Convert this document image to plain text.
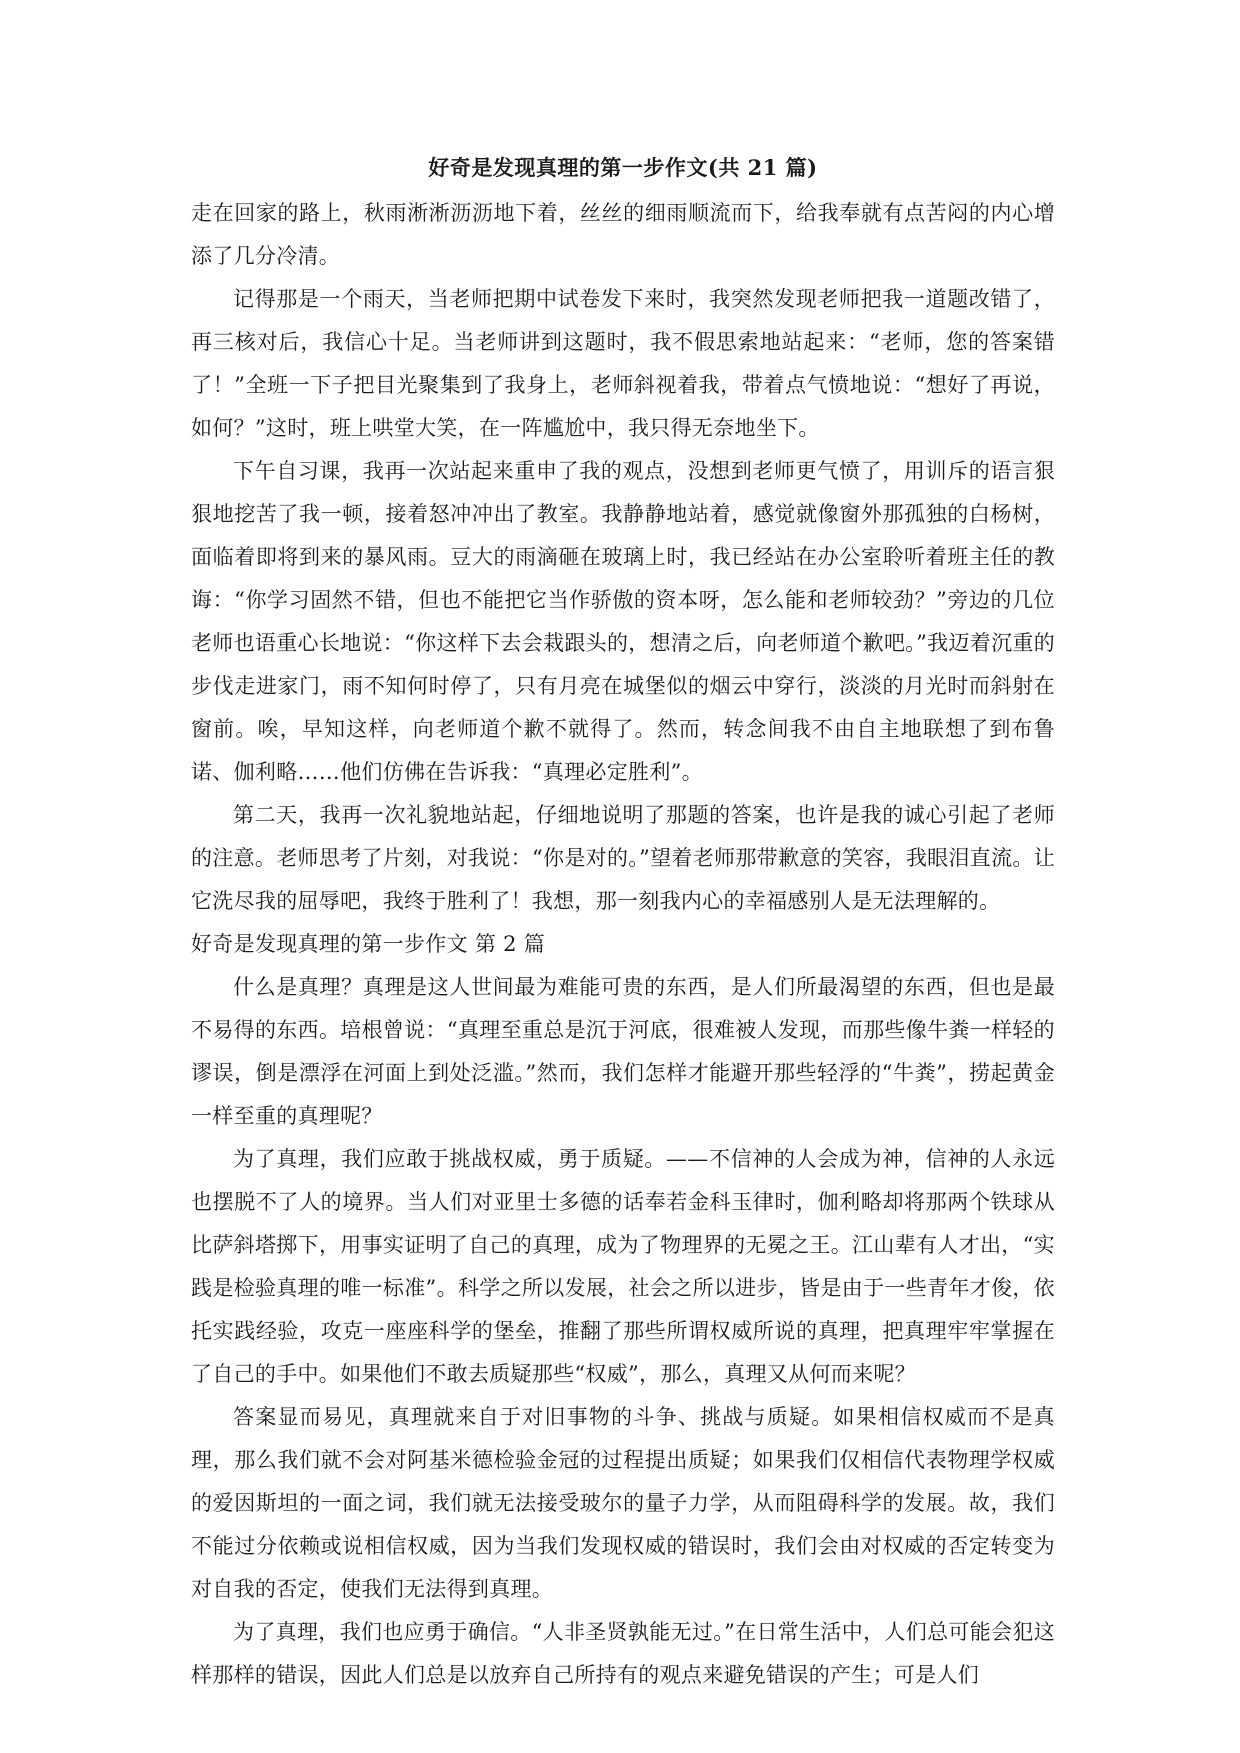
好奇是发现真理的第一步作文(共 21 篇)

走在回家的路上，秋雨淅淅沥沥地下着，丝丝的细雨顺流而下，给我奉就有点苦闷的内心增添了几分冷清。

记得那是一个雨天，当老师把期中试卷发下来时，我突然发现老师把我一道题改错了，再三核对后，我信心十足。当老师讲到这题时，我不假思索地站起来：“老师，您的答案错了！”全班一下子把目光聚集到了我身上，老师斜视着我，带着点气愤地说：“想好了再说，如何？”这时，班上哄堂大笑，在一阵尴尬中，我只得无奈地坐下。

下午自习课，我再一次站起来重申了我的观点，没想到老师更气愤了，用训斥的语言狠狠地挖苦了我一顿，接着怒冲冲出了教室。我静静地站着，感觉就像窗外那孤独的白杨树，面临着即将到来的暴风雨。豆大的雨滴砸在玻璃上时，我已经站在办公室聆听着班主任的教诲：“你学习固然不错，但也不能把它当作骄傲的资本呀，怎么能和老师较劲？”旁边的几位老师也语重心长地说：“你这样下去会栽跟头的，想清之后，向老师道个歉吧。”我迈着沉重的步伐走进家门，雨不知何时停了，只有月亮在城堡似的烟云中穿行，淡淡的月光时而斜射在窗前。唉，早知这样，向老师道个歉不就得了。然而，转念间我不由自主地联想了到布鲁诺、伽利略……他们仿佛在告诉我：“真理必定胜利”。

第二天，我再一次礼貌地站起，仔细地说明了那题的答案，也许是我的诚心引起了老师的注意。老师思考了片刻，对我说：“你是对的。”望着老师那带歉意的笑容，我眼泪直流。让它洗尽我的屈辱吧，我终于胜利了！我想，那一刻我内心的幸福感别人是无法理解的。

好奇是发现真理的第一步作文 第 2 篇

什么是真理？真理是这人世间最为难能可贵的东西，是人们所最渴望的东西，但也是最不易得的东西。培根曾说：“真理至重总是沉于河底，很难被人发现，而那些像牛粪一样轻的谬误，倒是漂浮在河面上到处泛滥。”然而，我们怎样才能避开那些轻浮的“牛粪”，捞起黄金一样至重的真理呢？

为了真理，我们应敢于挑战权威，勇于质疑。——不信神的人会成为神，信神的人永远也摆脱不了人的境界。当人们对亚里士多德的话奉若金科玉律时，伽利略却将那两个铁球从比萨斜塔掷下，用事实证明了自己的真理，成为了物理界的无冕之王。江山辈有人才出，“实践是检验真理的唯一标准”。科学之所以发展，社会之所以进步，皆是由于一些青年才俊，依托实践经验，攻克一座座科学的堡垒，推翻了那些所谓权威所说的真理，把真理牢牢掌握在了自己的手中。如果他们不敢去质疑那些“权威”，那么，真理又从何而来呢？

答案显而易见，真理就来自于对旧事物的斗争、挑战与质疑。如果相信权威而不是真理，那么我们就不会对阿基米德检验金冠的过程提出质疑；如果我们仅相信代表物理学权威的爱因斯坦的一面之词，我们就无法接受玻尔的量子力学，从而阻碍科学的发展。故，我们不能过分依赖或说相信权威，因为当我们发现权威的错误时，我们会由对权威的否定转变为对自我的否定，使我们无法得到真理。

为了真理，我们也应勇于确信。“人非圣贤孰能无过。”在日常生活中，人们总可能会犯这样那样的错误，因此人们总是以放弃自己所持有的观点来避免错误的产生；可是人们
